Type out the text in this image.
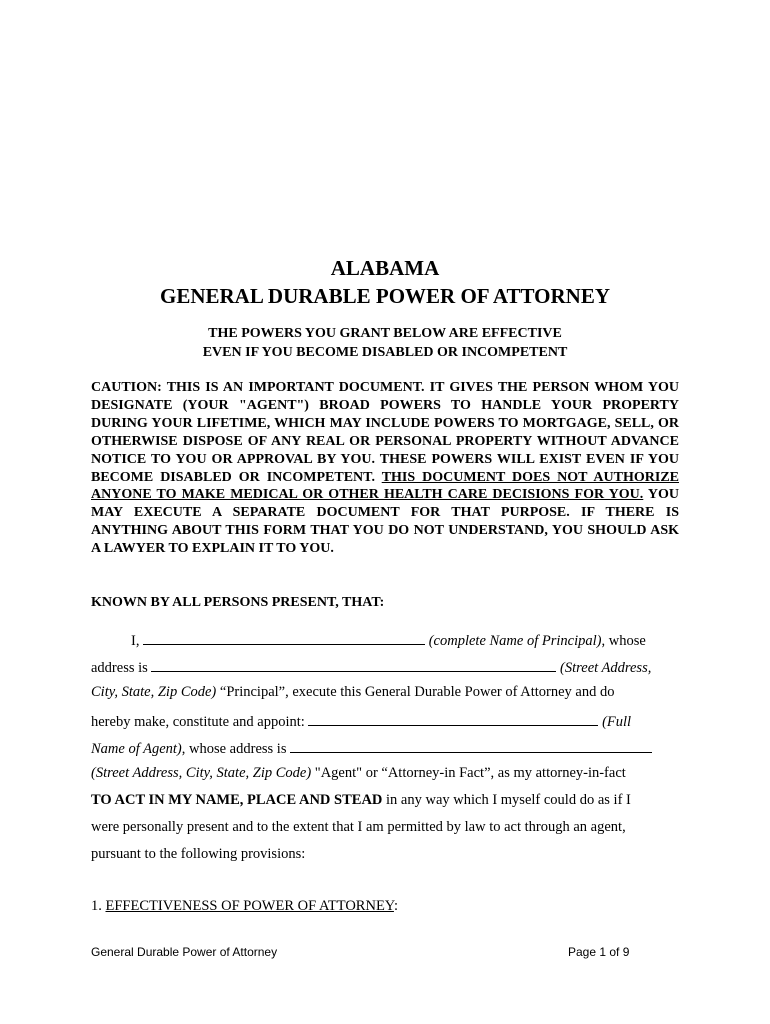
ALABAMA
GENERAL DURABLE POWER OF ATTORNEY
THE POWERS YOU GRANT BELOW ARE EFFECTIVE
EVEN IF YOU BECOME DISABLED OR INCOMPETENT
CAUTION: THIS IS AN IMPORTANT DOCUMENT. IT GIVES THE PERSON WHOM YOU DESIGNATE (YOUR "AGENT") BROAD POWERS TO HANDLE YOUR PROPERTY DURING YOUR LIFETIME, WHICH MAY INCLUDE POWERS TO MORTGAGE, SELL, OR OTHERWISE DISPOSE OF ANY REAL OR PERSONAL PROPERTY WITHOUT ADVANCE NOTICE TO YOU OR APPROVAL BY YOU. THESE POWERS WILL EXIST EVEN IF YOU BECOME DISABLED OR INCOMPETENT. THIS DOCUMENT DOES NOT AUTHORIZE ANYONE TO MAKE MEDICAL OR OTHER HEALTH CARE DECISIONS FOR YOU. YOU MAY EXECUTE A SEPARATE DOCUMENT FOR THAT PURPOSE. IF THERE IS ANYTHING ABOUT THIS FORM THAT YOU DO NOT UNDERSTAND, YOU SHOULD ASK A LAWYER TO EXPLAIN IT TO YOU.
KNOWN BY ALL PERSONS PRESENT, THAT:
I,	(complete Name of Principal), whose
address is	(Street Address,
City, State, Zip Code) “Principal”, execute this General Durable Power of Attorney and do
hereby make, constitute and appoint:	(Full
Name of Agent), whose address is
(Street Address, City, State, Zip Code) "Agent" or “Attorney-in Fact”, as my attorney-in-fact
TO ACT IN MY NAME, PLACE AND STEAD in any way which I myself could do as if I
were personally present and to the extent that I am permitted by law to act through an agent,
pursuant to the following provisions:
1. EFFECTIVENESS OF POWER OF ATTORNEY:
General Durable Power of Attorney	Page 1 of 9
